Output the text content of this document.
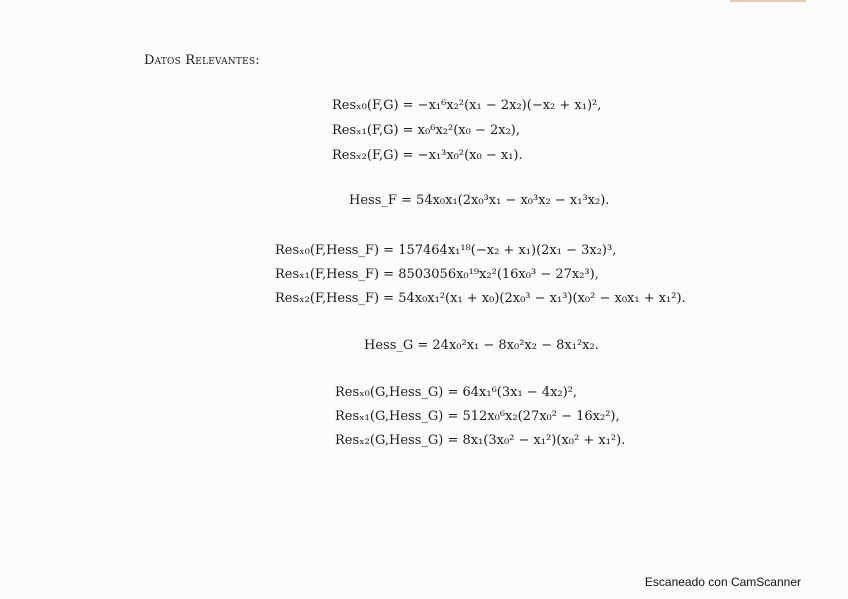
Datos Relevantes:
Resₓ₀(F,G) = −x₁⁶x₂²(x₁ − 2x₂)(−x₂ + x₁)²,
Resₓ₁(F,G) = x₀⁶x₂²(x₀ − 2x₂),
Resₓ₂(F,G) = −x₁³x₀²(x₀ − x₁).
Hess_F = 54x₀x₁(2x₀³x₁ − x₀³x₂ − x₁³x₂).
Resₓ₀(F,Hess_F) = 157464x₁¹⁸(−x₂ + x₁)(2x₁ − 3x₂)³,
Resₓ₁(F,Hess_F) = 8503056x₀¹⁹x₂²(16x₀³ − 27x₂³),
Resₓ₂(F,Hess_F) = 54x₀x₁²(x₁ + x₀)(2x₀³ − x₁³)(x₀² − x₀x₁ + x₁²).
Hess_G = 24x₀²x₁ − 8x₀²x₂ − 8x₁²x₂.
Resₓ₀(G,Hess_G) = 64x₁⁶(3x₁ − 4x₂)²,
Resₓ₁(G,Hess_G) = 512x₀⁶x₂(27x₀² − 16x₂²),
Resₓ₂(G,Hess_G) = 8x₁(3x₀² − x₁²)(x₀² + x₁²).
Escaneado con CamScanner
